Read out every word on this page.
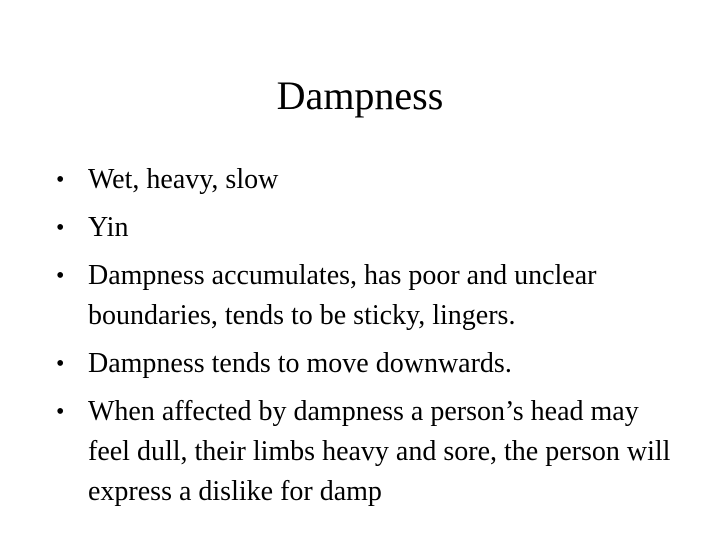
Dampness
• Wet, heavy, slow
• Yin
• Dampness accumulates, has poor and unclear boundaries, tends to be sticky, lingers.
• Dampness tends to move downwards.
• When affected by dampness a person’s head may feel dull, their limbs heavy and sore, the person will express a dislike for damp
